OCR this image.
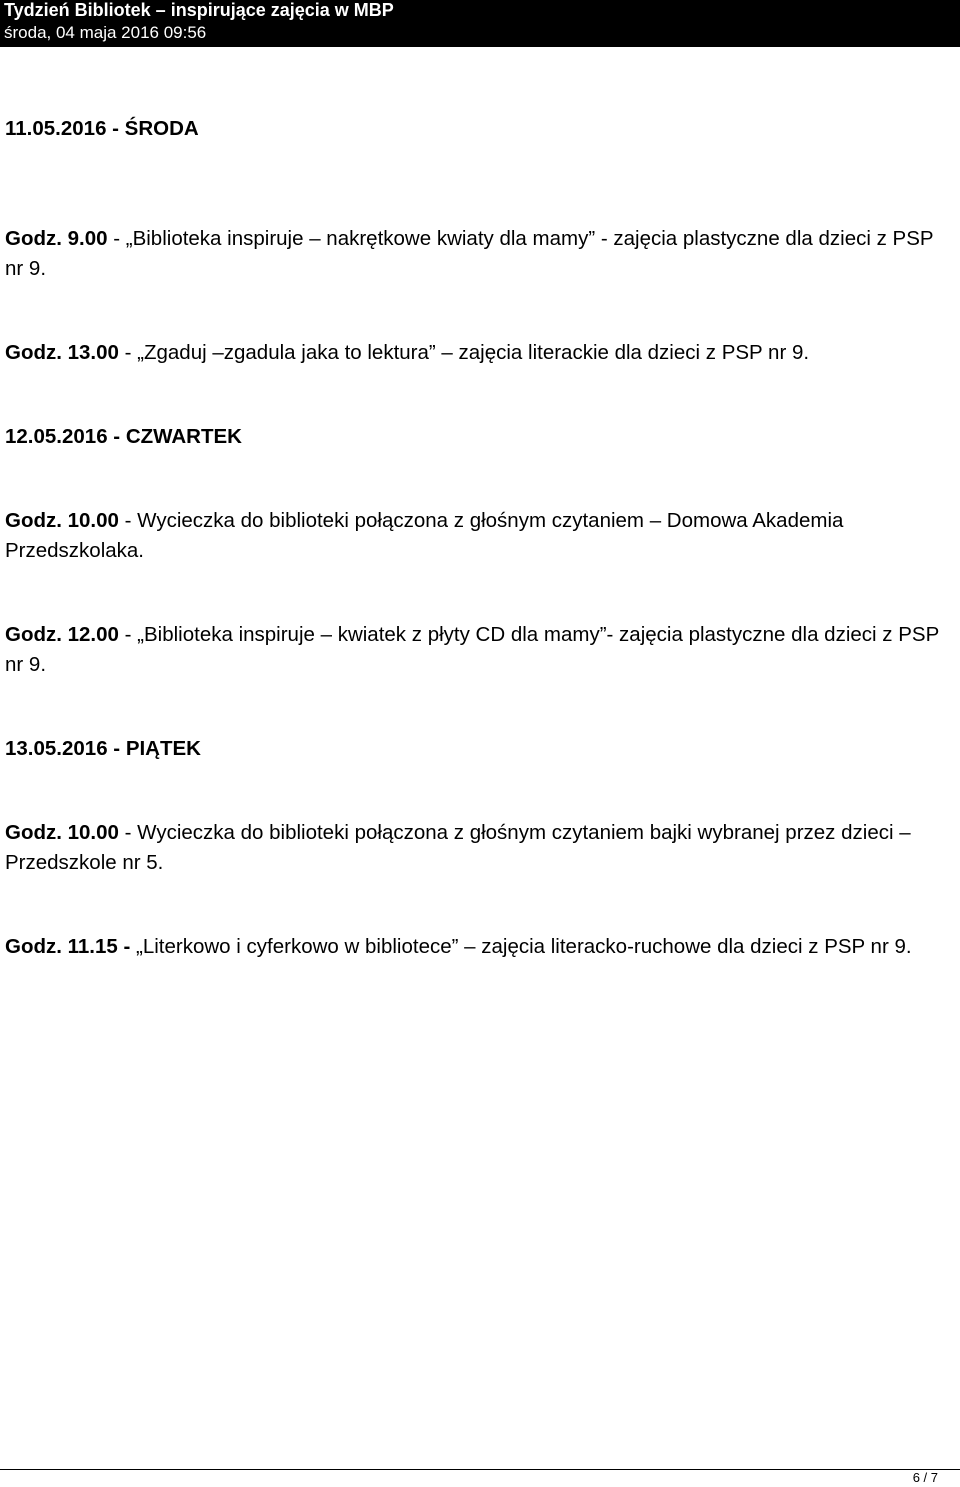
Tydzień Bibliotek – inspirujące zajęcia w MBP
środa, 04 maja 2016 09:56

11.05.2016 - ŚRODA

Godz. 9.00 - „Biblioteka inspiruje – nakrętkowe kwiaty dla mamy” - zajęcia plastyczne dla dzieci z PSP nr 9.

Godz. 13.00 - „Zgaduj –zgadula jaka to lektura” – zajęcia literackie dla dzieci z PSP nr 9.

12.05.2016 - CZWARTEK

Godz. 10.00 - Wycieczka do biblioteki połączona z głośnym czytaniem – Domowa Akademia Przedszkolaka.

Godz. 12.00 - „Biblioteka inspiruje – kwiatek z płyty CD dla mamy”- zajęcia plastyczne dla dzieci z PSP nr 9.

13.05.2016 - PIĄTEK

Godz. 10.00 - Wycieczka do biblioteki połączona z głośnym czytaniem bajki wybranej przez dzieci – Przedszkole nr 5.

Godz. 11.15 - „Literkowo i cyferkowo w bibliotece” – zajęcia literacko-ruchowe dla dzieci z PSP nr 9.

6 / 7
